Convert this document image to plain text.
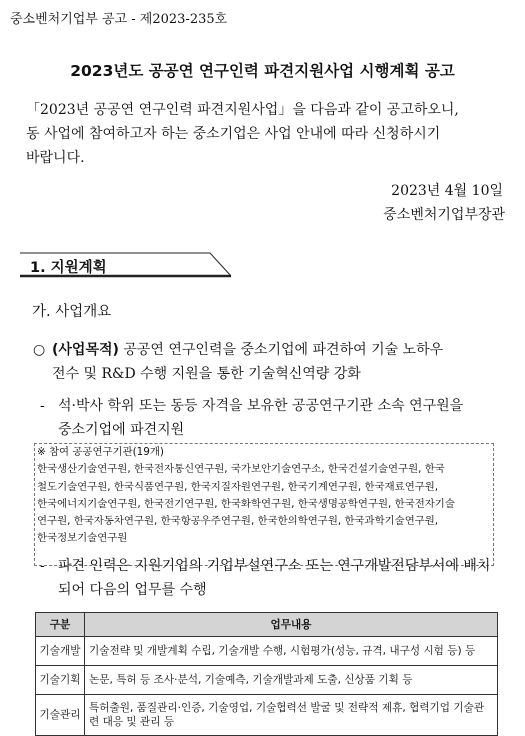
중소벤처기업부 공고 - 제2023-235호
2023년도 공공연 연구인력 파견지원사업 시행계획 공고
「2023년 공공연 연구인력 파견지원사업」을 다음과 같이 공고하오니,
동 사업에 참여하고자 하는 중소기업은 사업 안내에 따라 신청하시기
바랍니다.
2023년 4월 10일
중소벤처기업부장관
1. 지원계획
가. 사업개요
○ (사업목적) 공공연 연구인력을 중소기업에 파견하여 기술 노하우
전수 및 R&D 수행 지원을 통한 기술혁신역량 강화
- 석·박사 학위 또는 동등 자격을 보유한 공공연구기관 소속 연구원을
중소기업에 파견지원
※ 참여 공공연구기관(19개)
한국생산기술연구원, 한국전자통신연구원, 국가보안기술연구소, 한국건설기술연구원, 한국
철도기술연구원, 한국식품연구원, 한국지질자원연구원, 한국기계연구원, 한국재료연구원,
한국에너지기술연구원, 한국전기연구원, 한국화학연구원, 한국생명공학연구원, 한국전자기술
연구원, 한국자동차연구원, 한국항공우주연구원, 한국한의학연구원, 한국과학기술연구원,
한국정보기술연구원
- 파견 인력은 지원기업의 기업부설연구소 또는 연구개발전담부서에 배치
되어 다음의 업무를 수행
구분	업무내용
기술개발	기술전략 및 개발계획 수립, 기술개발 수행, 시험평가(성능, 규격, 내구성 시험 등) 등
기술기획	논문, 특허 등 조사·분석, 기술예측, 기술개발과제 도출, 신상품 기획 등
기술관리	특허출원, 품질관리·인증, 기술영업, 기술협력선 발굴 및 전략적 제휴, 협력기업 기술관련 대응 및 관리 등
